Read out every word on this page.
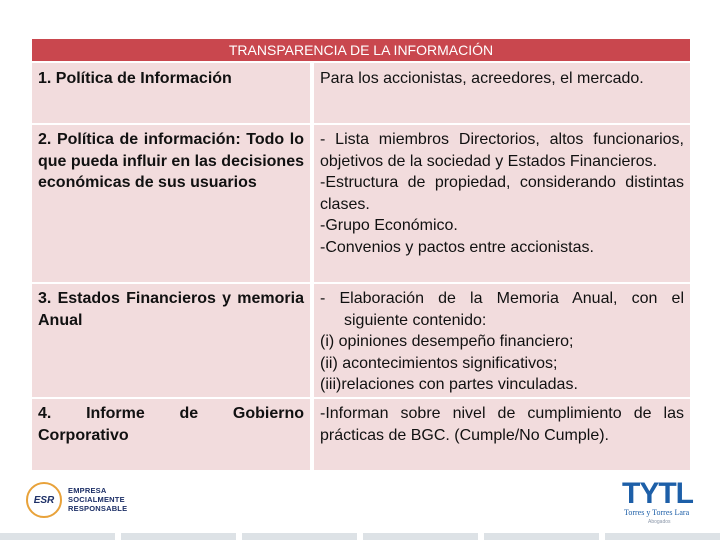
TRANSPARENCIA DE LA INFORMACIÓN
1. Política de Información	Para los accionistas, acreedores, el mercado.
2. Política de información: Todo lo que pueda influir en las decisiones económicas de sus usuarios
- Lista miembros Directorios, altos funcionarios, objetivos de la sociedad y Estados Financieros.
-Estructura de propiedad, considerando distintas clases.
-Grupo Económico.
-Convenios y pactos entre accionistas.
3. Estados Financieros y memoria Anual
- Elaboración de la Memoria Anual, con el
siguiente contenido:
(i) opiniones desempeño financiero;
(ii) acontecimientos significativos;
(iii)relaciones con partes vinculadas.
4. Informe de Gobierno Corporativo
-Informan sobre nivel de cumplimiento de las prácticas de BGC. (Cumple/No Cumple).
ESR
EMPRESA
SOCIALMENTE
RESPONSABLE	TYTL
Torres y Torres Lara
Abogados
